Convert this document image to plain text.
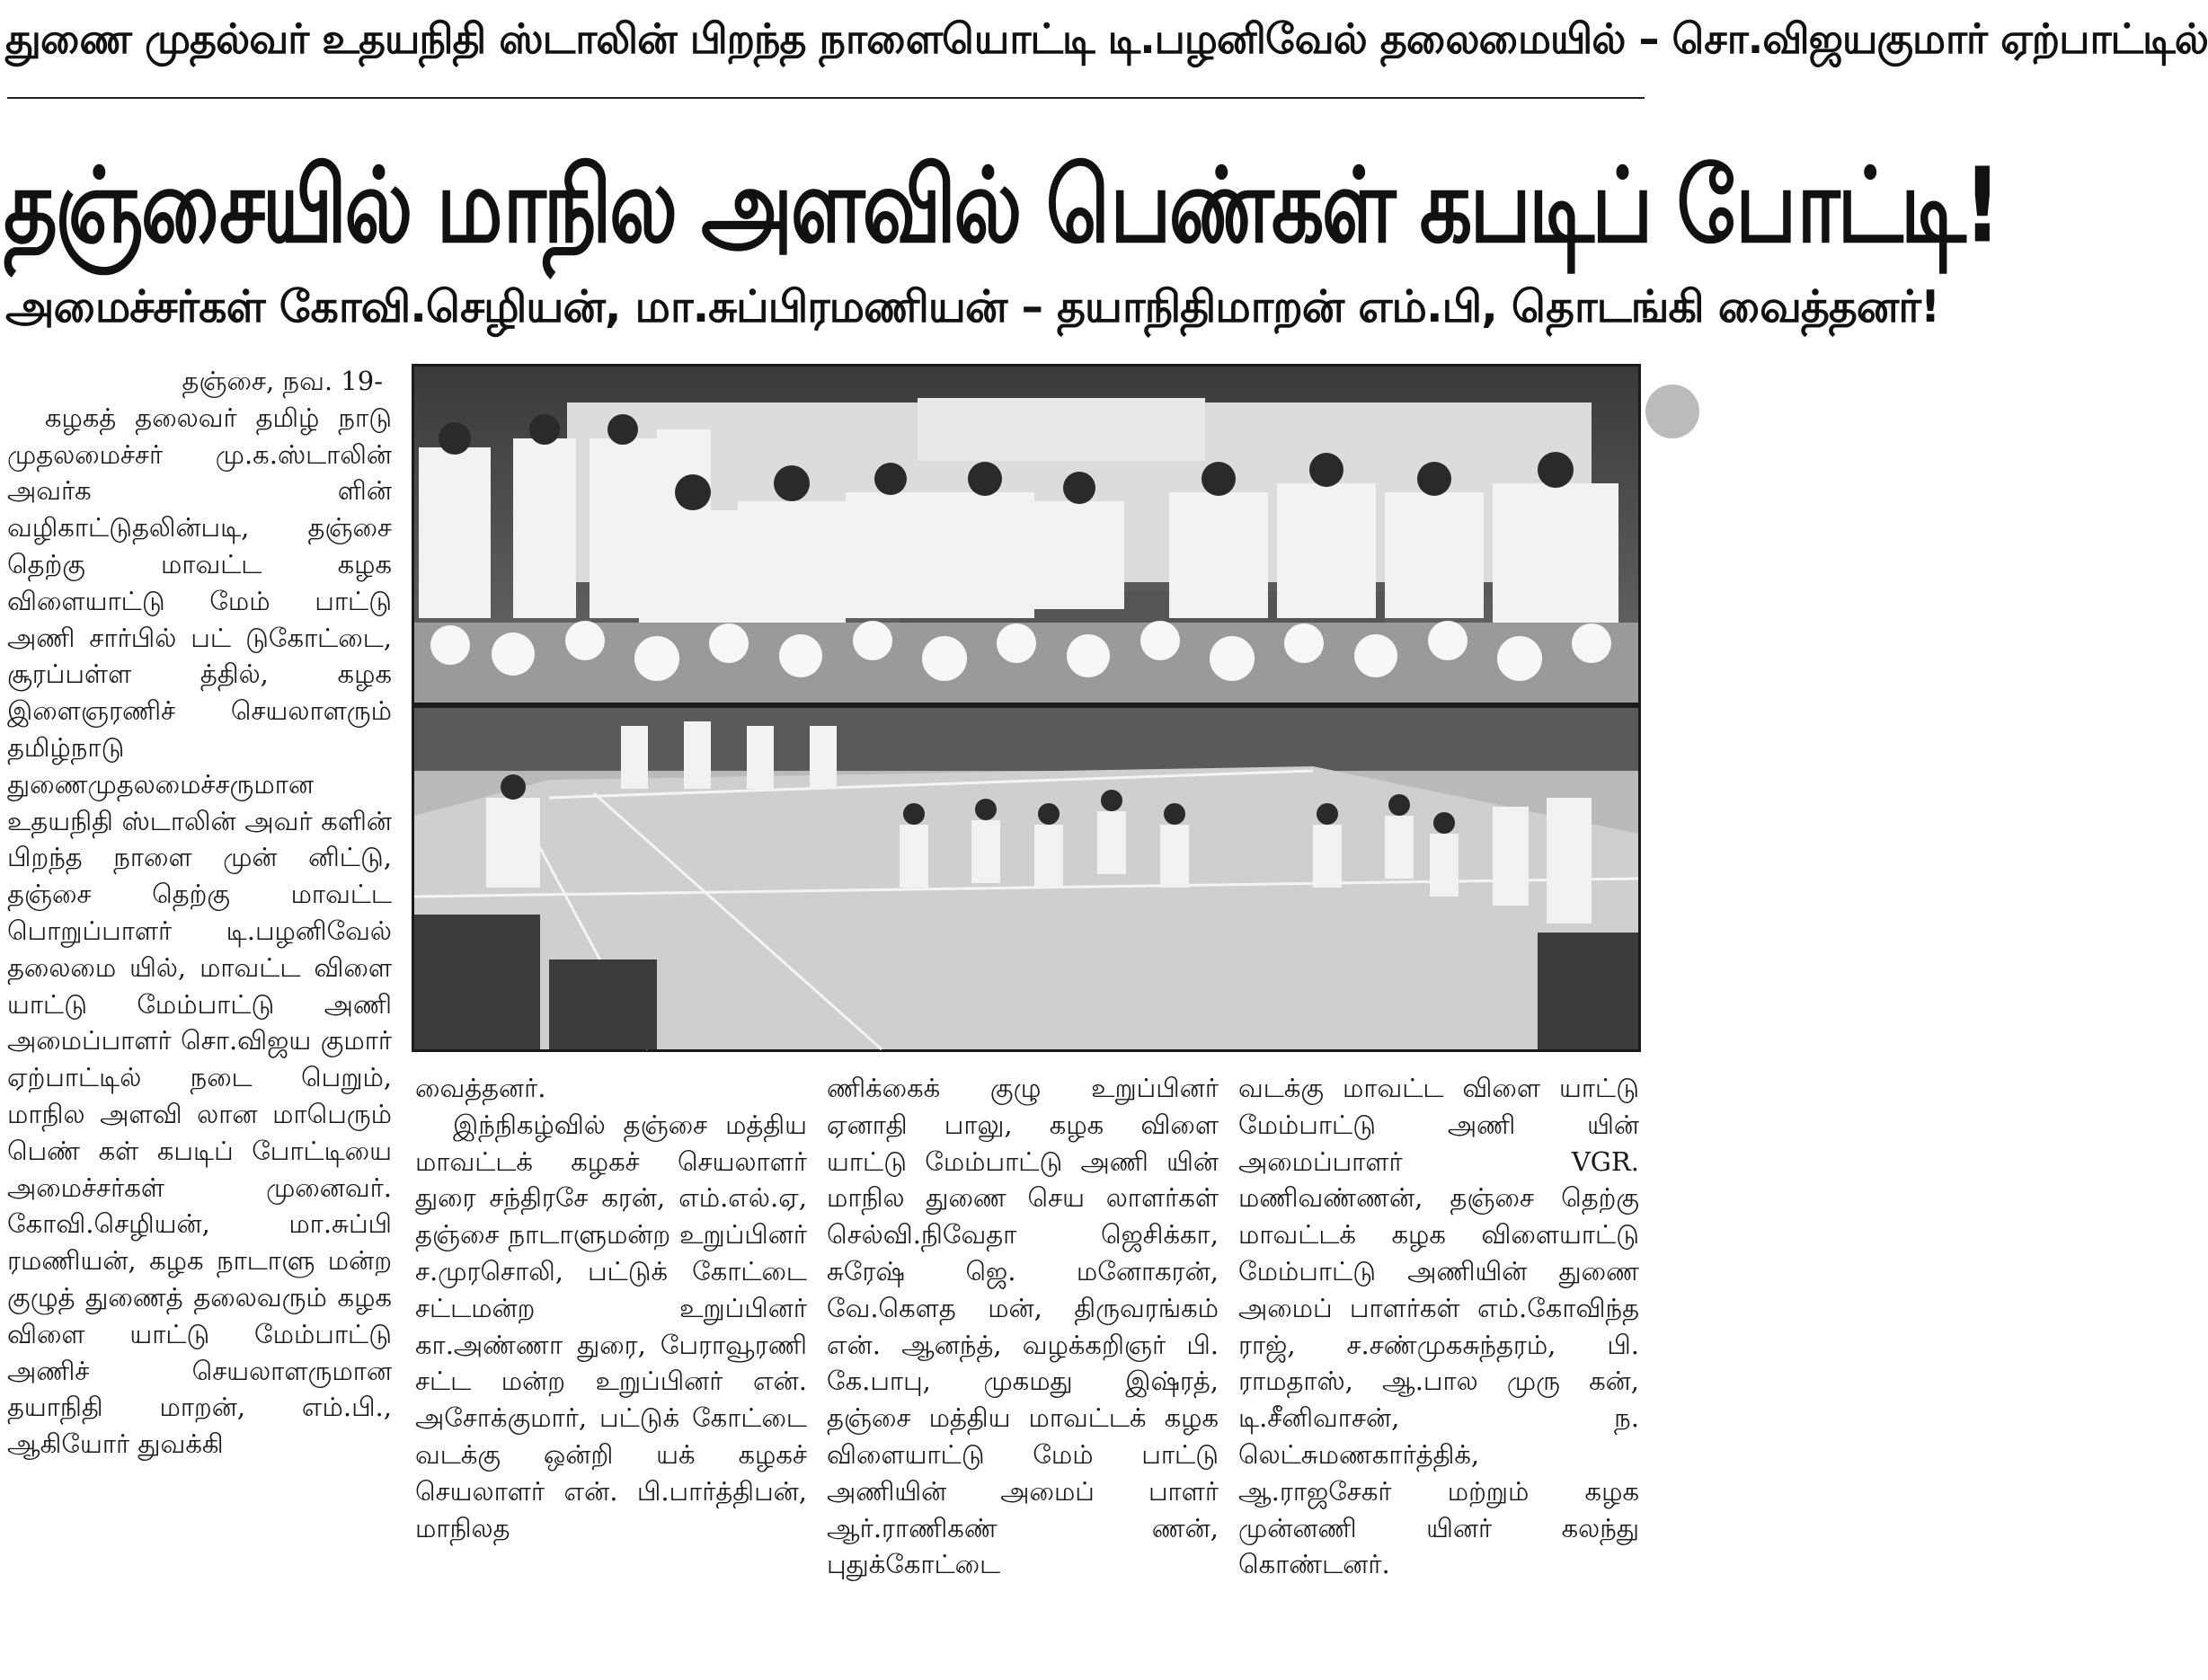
துணை முதல்வர் உதயநிதி ஸ்டாலின் பிறந்த நாளையொட்டி டி.பழனிவேல் தலைமையில் – சொ.விஜயகுமார் ஏற்பாட்டில்
தஞ்சையில் மாநில அளவில் பெண்கள் கபடிப் போட்டி!
அமைச்சர்கள் கோவி.செழியன், மா.சுப்பிரமணியன் – தயாநிதிமாறன் எம்.பி, தொடங்கி வைத்தனர்!

தஞ்சை, நவ. 19-

கழகத் தலைவர் தமிழ் நாடு முதலமைச்சர் மு.க.ஸ்டாலின் அவர்க ளின் வழிகாட்டுதலின்படி, தஞ்சை தெற்கு மாவட்ட கழக விளையாட்டு மேம் பாட்டு அணி சார்பில் பட் டுகோட்டை, சூரப்பள்ள த்தில், கழக இளைஞரணிச் செயலாளரும் தமிழ்நாடு துணைமுதலமைச்சருமான உதயநிதி ஸ்டாலின் அவர் களின் பிறந்த நாளை முன் னிட்டு, தஞ்சை தெற்கு மாவட்ட பொறுப்பாளர் டி.பழனிவேல் தலைமை யில், மாவட்ட விளை யாட்டு மேம்பாட்டு அணி அமைப்பாளர் சொ.விஜய குமார் ஏற்பாட்டில் நடை பெறும், மாநில அளவி லான மாபெரும் பெண் கள் கபடிப் போட்டியை அமைச்சர்கள் முனைவர். கோவி.செழியன், மா.சுப்பி ரமணியன், கழக நாடாளு மன்ற குழுத் துணைத் தலைவரும் கழக விளை யாட்டு மேம்பாட்டு அணிச் செயலாளருமான தயாநிதி மாறன், எம்.பி., ஆகியோர் துவக்கி

வைத்தனர்.

இந்நிகழ்வில் தஞ்சை மத்திய மாவட்டக் கழகச் செயலாளர் துரை சந்திரசே கரன், எம்.எல்.ஏ, தஞ்சை நாடாளுமன்ற உறுப்பினர் ச.முரசொலி, பட்டுக் கோட்டை சட்டமன்ற உறுப்பினர் கா.அண்ணா துரை, பேராவூரணி சட்ட மன்ற உறுப்பினர் என். அசோக்குமார், பட்டுக் கோட்டை வடக்கு ஒன்றி யக் கழகச் செயலாளர் என். பி.பார்த்திபன், மாநிலத

ணிக்கைக் குழு உறுப்பினர் ஏனாதி பாலு, கழக விளை யாட்டு மேம்பாட்டு அணி யின் மாநில துணை செய லாளர்கள் செல்வி.நிவேதா ஜெசிக்கா, சுரேஷ் ஜெ. மனோகரன், வே.கௌத மன், திருவரங்கம் என். ஆனந்த், வழக்கறிஞர் பி. கே.பாபு, முகமது இஷ்ரத், தஞ்சை மத்திய மாவட்டக் கழக விளையாட்டு மேம் பாட்டு அணியின் அமைப் பாளர் ஆர்.ராணிகண் ணன், புதுக்கோட்டை

வடக்கு மாவட்ட விளை யாட்டு மேம்பாட்டு அணி யின் அமைப்பாளர் VGR. மணிவண்ணன், தஞ்சை தெற்கு மாவட்டக் கழக விளையாட்டு மேம்பாட்டு அணியின் துணை அமைப் பாளர்கள் எம்.கோவிந்த ராஜ், ச.சண்முகசுந்தரம், பி. ராமதாஸ், ஆ.பால முரு கன், டி.சீனிவாசன், ந. லெட்சுமணகார்த்திக், ஆ.ராஜசேகர் மற்றும் கழக முன்னணி யினர் கலந்து கொண்டனர்.
